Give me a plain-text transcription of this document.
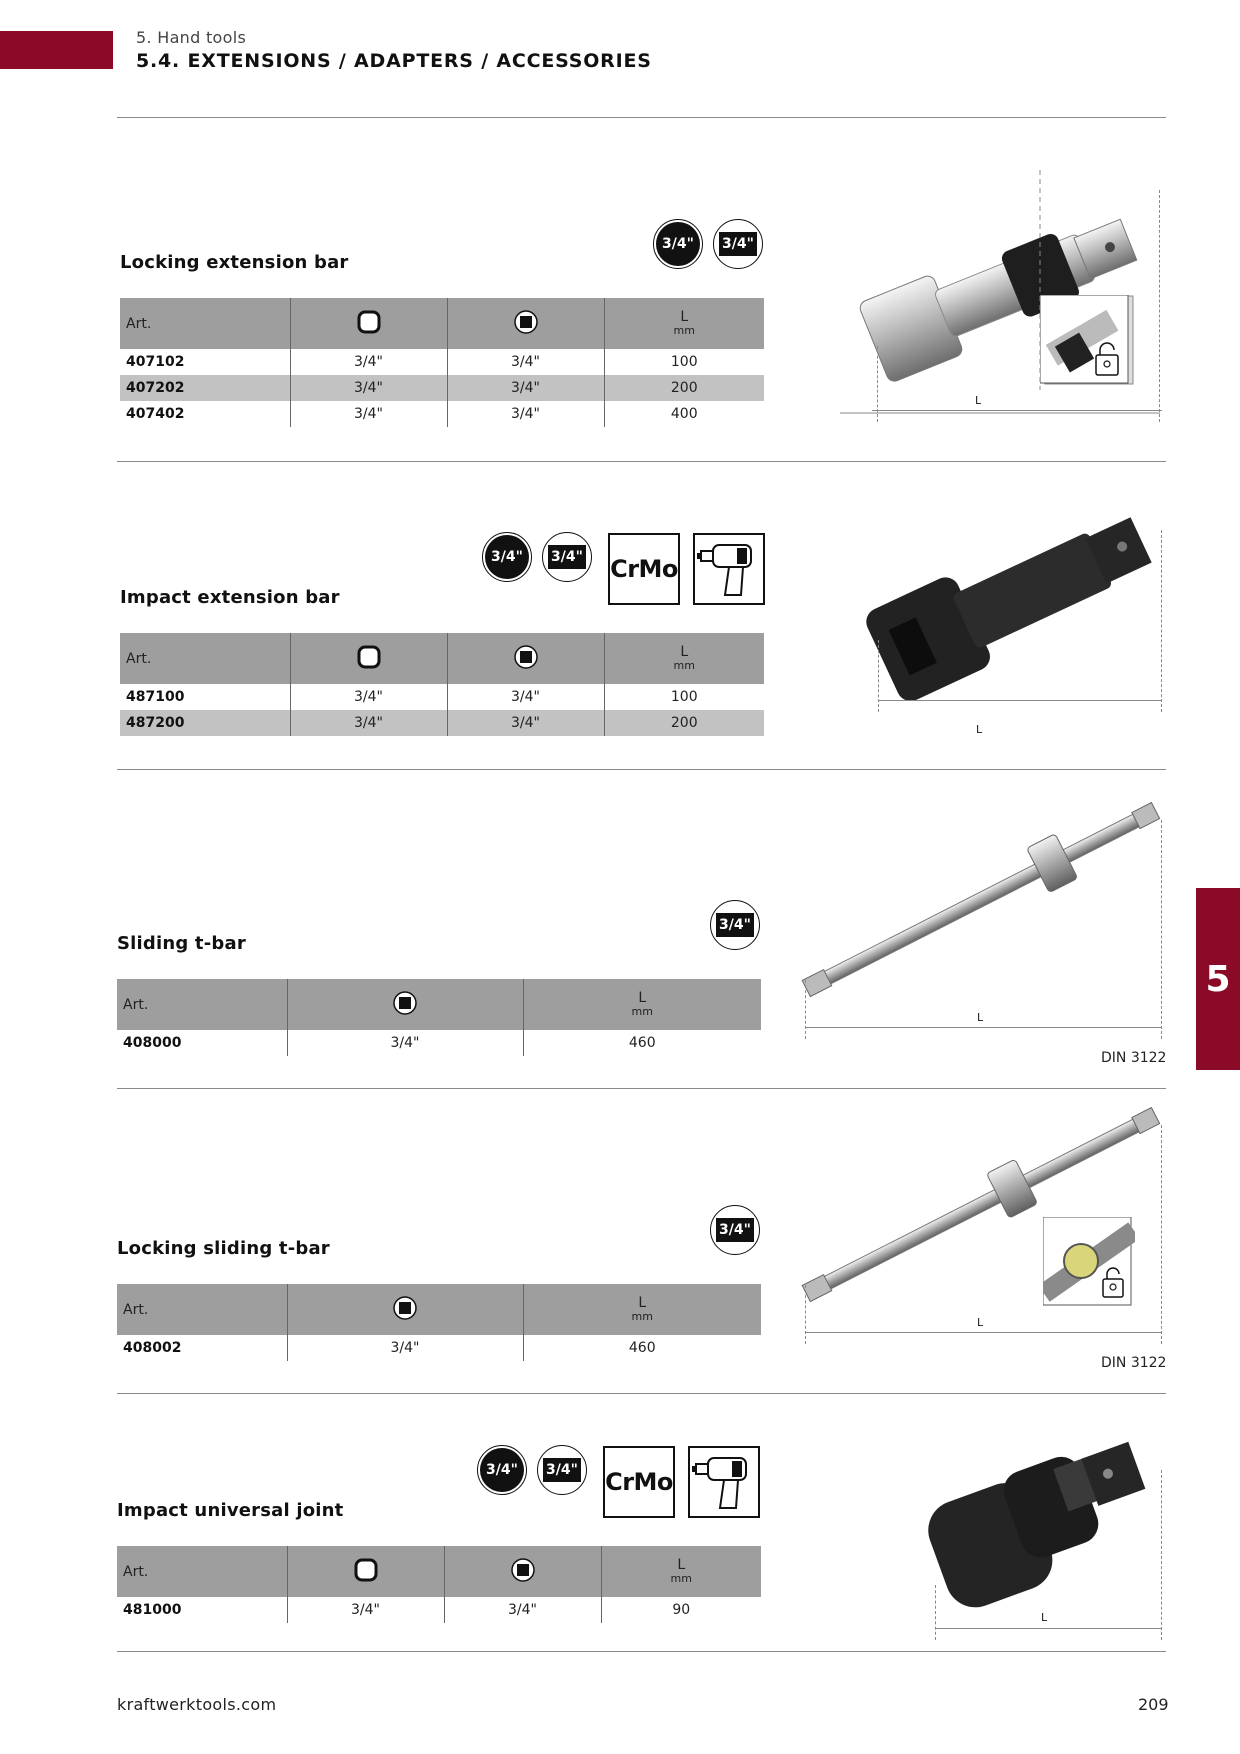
5. Hand tools
5.4. EXTENSIONS / ADAPTERS / ACCESSORIES
Locking extension bar
3/4" 3/4"
Art.			L
mm

407102	3/4"	3/4"	100
407202	3/4"	3/4"	200
407402	3/4"	3/4"	400
L
Impact extension bar
3/4" 3/4" CrMo
Art.			L
mm

487100	3/4"	3/4"	100
487200	3/4"	3/4"	200	L
Sliding t-bar
3/4"
Art.		L
mm

408000	3/4"	460
L
DIN 3122
Locking sliding t-bar
3/4"
Art.		L
mm

408002	3/4"	460
L
DIN 3122
Impact universal joint
3/4" 3/4" CrMo
Art.			L
mm

481000	3/4"	3/4"	90	L
5
kraftwerktools.com	209
